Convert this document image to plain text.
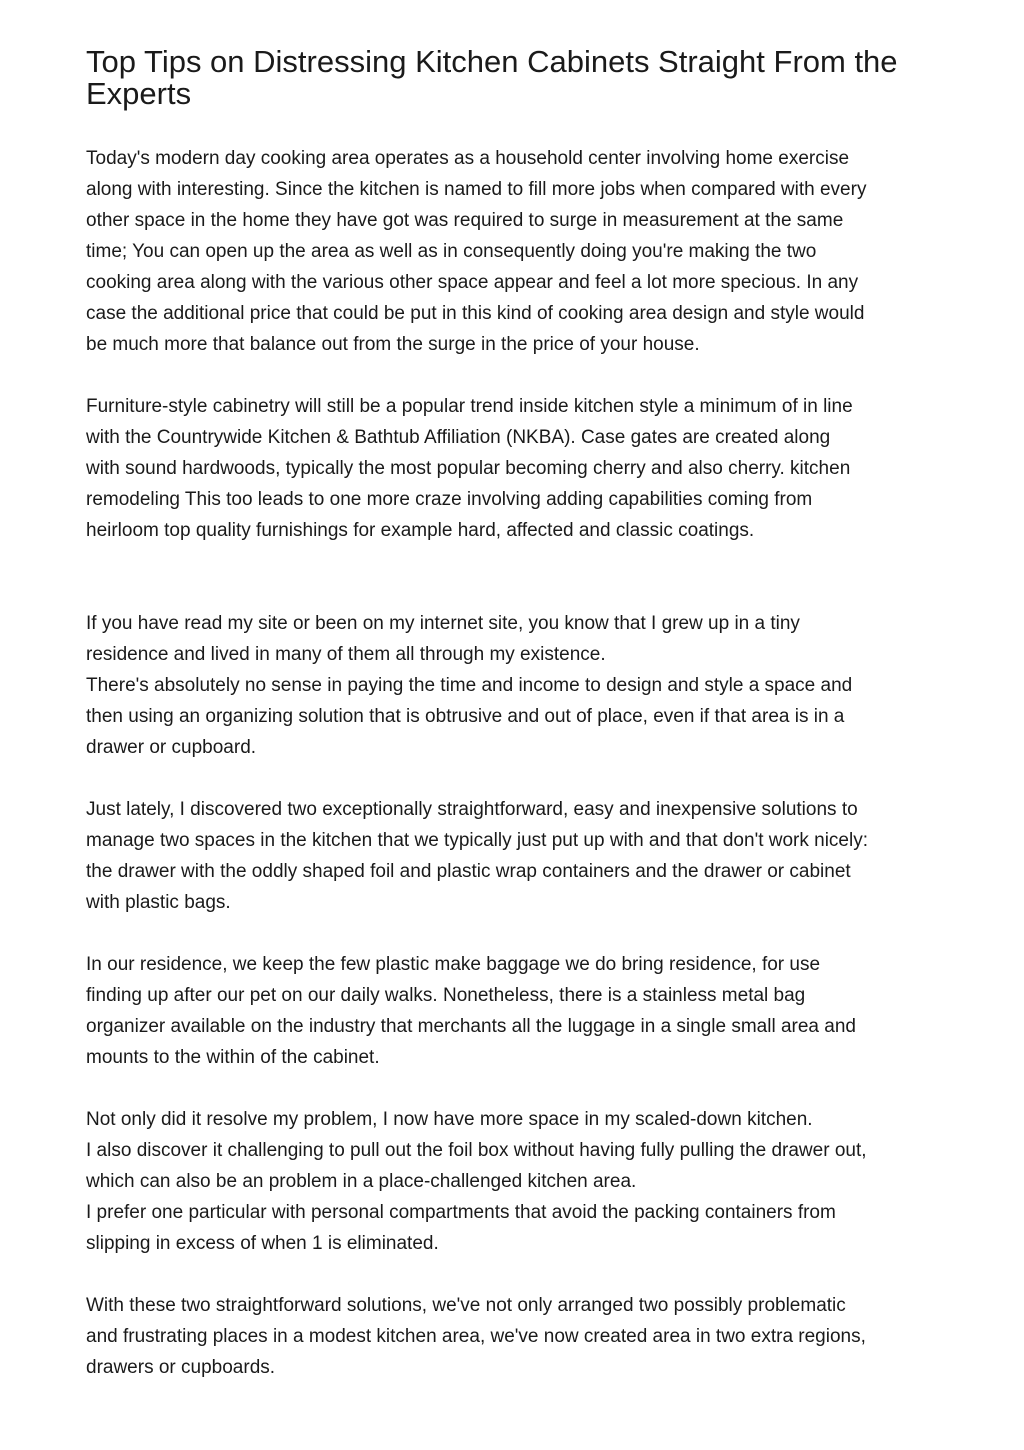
Top Tips on Distressing Kitchen Cabinets Straight From the
Experts

Today's modern day cooking area operates as a household center involving home exercise
along with interesting. Since the kitchen is named to fill more jobs when compared with every
other space in the home they have got was required to surge in measurement at the same
time; You can open up the area as well as in consequently doing you're making the two
cooking area along with the various other space appear and feel a lot more specious. In any
case the additional price that could be put in this kind of cooking area design and style would
be much more that balance out from the surge in the price of your house.

Furniture-style cabinetry will still be a popular trend inside kitchen style a minimum of in line
with the Countrywide Kitchen & Bathtub Affiliation (NKBA). Case gates are created along
with sound hardwoods, typically the most popular becoming cherry and also cherry. kitchen
remodeling This too leads to one more craze involving adding capabilities coming from
heirloom top quality furnishings for example hard, affected and classic coatings.

If you have read my site or been on my internet site, you know that I grew up in a tiny
residence and lived in many of them all through my existence.
There's absolutely no sense in paying the time and income to design and style a space and
then using an organizing solution that is obtrusive and out of place, even if that area is in a
drawer or cupboard.

Just lately, I discovered two exceptionally straightforward, easy and inexpensive solutions to
manage two spaces in the kitchen that we typically just put up with and that don't work nicely:
the drawer with the oddly shaped foil and plastic wrap containers and the drawer or cabinet
with plastic bags.

In our residence, we keep the few plastic make baggage we do bring residence, for use
finding up after our pet on our daily walks. Nonetheless, there is a stainless metal bag
organizer available on the industry that merchants all the luggage in a single small area and
mounts to the within of the cabinet.

Not only did it resolve my problem, I now have more space in my scaled-down kitchen.
I also discover it challenging to pull out the foil box without having fully pulling the drawer out,
which can also be an problem in a place-challenged kitchen area.
I prefer one particular with personal compartments that avoid the packing containers from
slipping in excess of when 1 is eliminated.

With these two straightforward solutions, we've not only arranged two possibly problematic
and frustrating places in a modest kitchen area, we've now created area in two extra regions,
drawers or cupboards.
